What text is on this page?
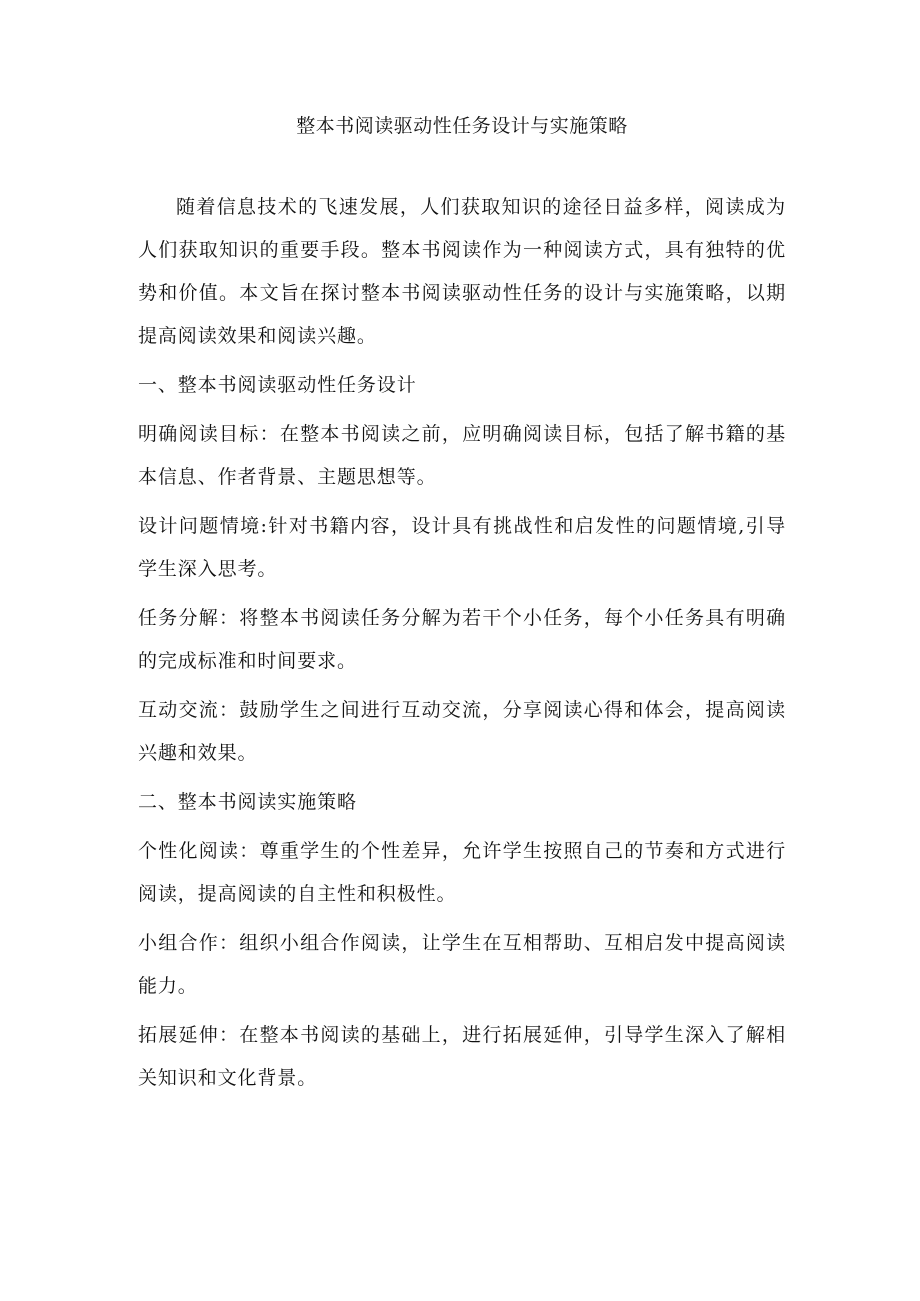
整本书阅读驱动性任务设计与实施策略

随着信息技术的飞速发展，人们获取知识的途径日益多样，阅读成为人们获取知识的重要手段。整本书阅读作为一种阅读方式，具有独特的优势和价值。本文旨在探讨整本书阅读驱动性任务的设计与实施策略，以期提高阅读效果和阅读兴趣。

一、整本书阅读驱动性任务设计

明确阅读目标：在整本书阅读之前，应明确阅读目标，包括了解书籍的基本信息、作者背景、主题思想等。

设计问题情境:针对书籍内容，设计具有挑战性和启发性的问题情境,引导学生深入思考。

任务分解：将整本书阅读任务分解为若干个小任务，每个小任务具有明确的完成标准和时间要求。

互动交流：鼓励学生之间进行互动交流，分享阅读心得和体会，提高阅读兴趣和效果。

二、整本书阅读实施策略

个性化阅读：尊重学生的个性差异，允许学生按照自己的节奏和方式进行阅读，提高阅读的自主性和积极性。

小组合作：组织小组合作阅读，让学生在互相帮助、互相启发中提高阅读能力。

拓展延伸：在整本书阅读的基础上，进行拓展延伸，引导学生深入了解相关知识和文化背景。
